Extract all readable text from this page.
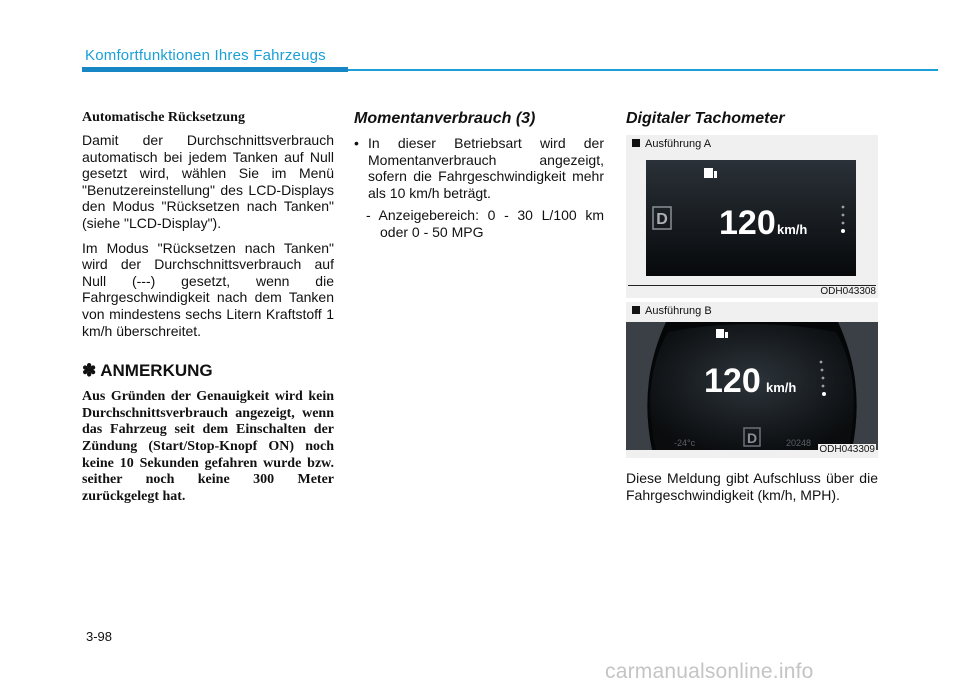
Komfortfunktionen Ihres Fahrzeugs
Automatische Rücksetzung

Damit der Durchschnittsverbrauch automatisch bei jedem Tanken auf Null gesetzt wird, wählen Sie im Menü "Benutzereinstellung" des LCD-Displays den Modus "Rücksetzen nach Tanken" (siehe "LCD-Display").

Im Modus "Rücksetzen nach Tanken" wird der Durchschnittsverbrauch auf Null (---) gesetzt, wenn die Fahrgeschwindigkeit nach dem Tanken von mindestens sechs Litern Kraftstoff 1 km/h überschreitet.

✽ ANMERKUNG

Aus Gründen der Genauigkeit wird kein Durchschnittsverbrauch angezeigt, wenn das Fahrzeug seit dem Einschalten der Zündung (Start/Stop-Knopf ON) noch keine 10 Sekunden gefahren wurde bzw. seither noch keine 300 Meter zurückgelegt hat.

Momentanverbrauch (3)
• In dieser Betriebsart wird der Momentanverbrauch angezeigt, sofern die Fahrgeschwindigkeit mehr als 10 km/h beträgt.
- Anzeigebereich: 0 - 30 L/100 km oder 0 - 50 MPG
Digitaler Tachometer
Ausführung A
D 120 km/h
ODH043308
Ausführung B
120 km/h
D
-24°c	20248
ODH043309

Diese Meldung gibt Aufschluss über die Fahrgeschwindigkeit (km/h, MPH).

3-98
carmanualsonline.info
